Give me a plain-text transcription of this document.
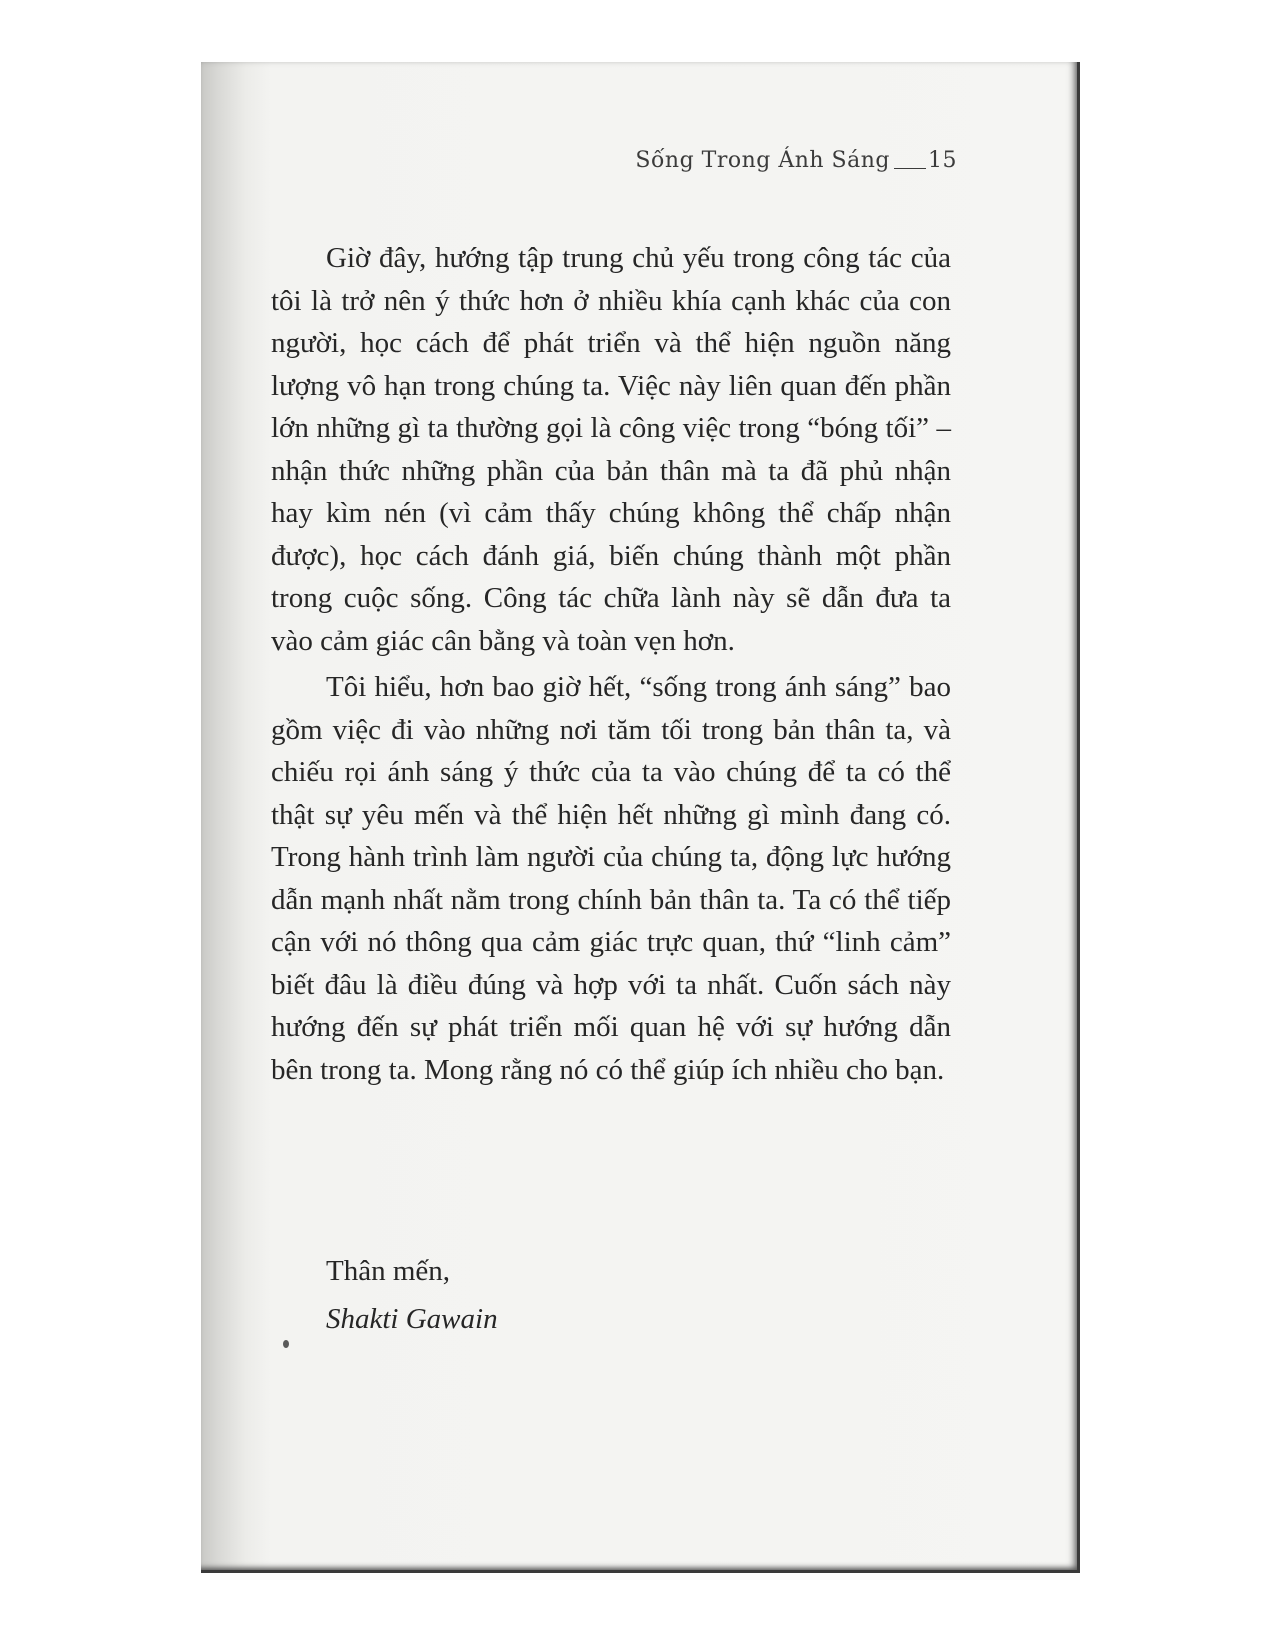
Sống Trong Ánh Sáng 15

Giờ đây, hướng tập trung chủ yếu trong công tác của tôi là trở nên ý thức hơn ở nhiều khía cạnh khác của con người, học cách để phát triển và thể hiện nguồn năng lượng vô hạn trong chúng ta. Việc này liên quan đến phần lớn những gì ta thường gọi là công việc trong “bóng tối” – nhận thức những phần của bản thân mà ta đã phủ nhận hay kìm nén (vì cảm thấy chúng không thể chấp nhận được), học cách đánh giá, biến chúng thành một phần trong cuộc sống. Công tác chữa lành này sẽ dẫn đưa ta vào cảm giác cân bằng và toàn vẹn hơn.

Tôi hiểu, hơn bao giờ hết, “sống trong ánh sáng” bao gồm việc đi vào những nơi tăm tối trong bản thân ta, và chiếu rọi ánh sáng ý thức của ta vào chúng để ta có thể thật sự yêu mến và thể hiện hết những gì mình đang có. Trong hành trình làm người của chúng ta, động lực hướng dẫn mạnh nhất nằm trong chính bản thân ta. Ta có thể tiếp cận với nó thông qua cảm giác trực quan, thứ “linh cảm” biết đâu là điều đúng và hợp với ta nhất. Cuốn sách này hướng đến sự phát triển mối quan hệ với sự hướng dẫn bên trong ta. Mong rằng nó có thể giúp ích nhiều cho bạn.

Thân mến,
Shakti Gawain
